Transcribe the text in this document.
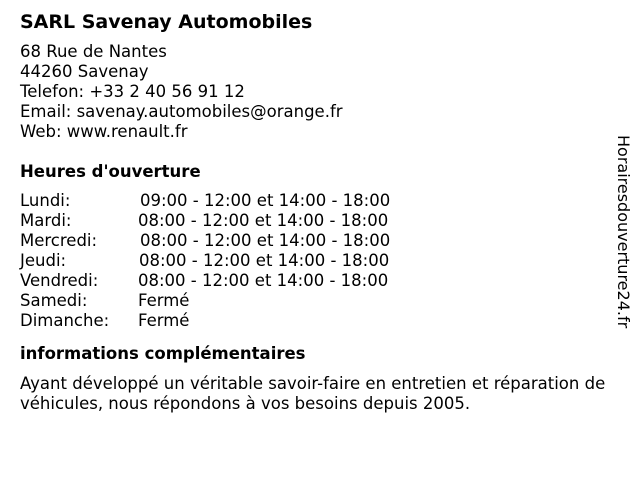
SARL Savenay Automobiles
68 Rue de Nantes
44260 Savenay
Telefon: +33 2 40 56 91 12
Email: savenay.automobiles@orange.fr
Web: www.renault.fr
Heures d'ouverture
Lundi:	09:00 - 12:00 et 14:00 - 18:00
Mardi:	08:00 - 12:00 et 14:00 - 18:00
Mercredi:	08:00 - 12:00 et 14:00 - 18:00
Jeudi:	08:00 - 12:00 et 14:00 - 18:00
Vendredi:	08:00 - 12:00 et 14:00 - 18:00
Samedi:	Fermé
Dimanche:	Fermé
informations complémentaires
Ayant développé un véritable savoir-faire en entretien et réparation de véhicules, nous répondons à vos besoins depuis 2005.
Horairesdouverture24.fr
